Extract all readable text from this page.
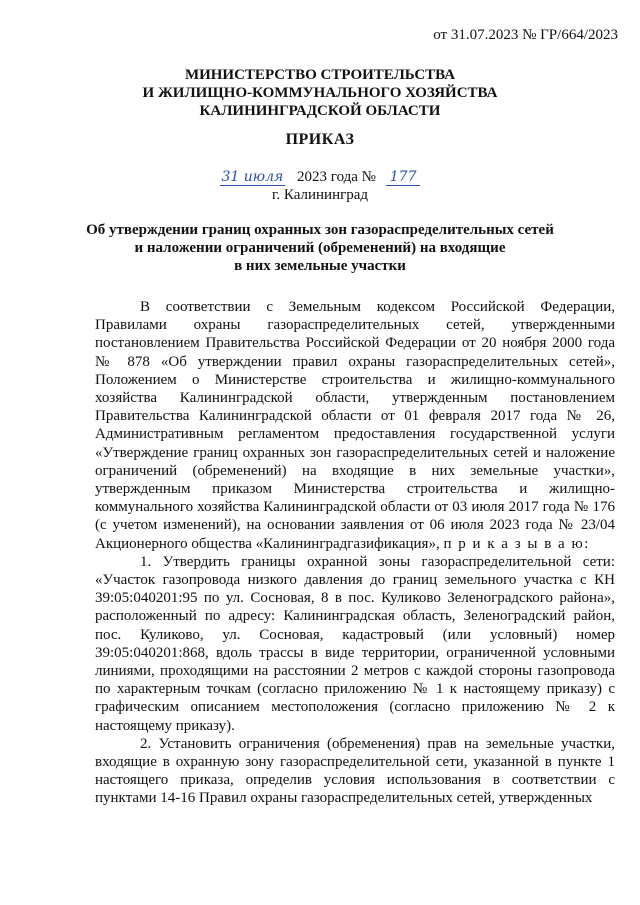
от 31.07.2023 № ГР/664/2023
МИНИСТЕРСТВО СТРОИТЕЛЬСТВА
И ЖИЛИЩНО-КОММУНАЛЬНОГО ХОЗЯЙСТВА
КАЛИНИНГРАДСКОЙ ОБЛАСТИ
ПРИКАЗ
31 июля 2023 года № 177
г. Калининград
Об утверждении границ охранных зон газораспределительных сетей
и наложении ограничений (обременений) на входящие
в них земельные участки

В соответствии с Земельным кодексом Российской Федерации, Правилами охраны газораспределительных сетей, утвержденными постановлением Правительства Российской Федерации от 20 ноября 2000 года № 878 «Об утверждении правил охраны газораспределительных сетей», Положением о Министерстве строительства и жилищно-коммунального хозяйства Калининградской области, утвержденным постановлением Правительства Калининградской области от 01 февраля 2017 года № 26, Административным регламентом предоставления государственной услуги «Утверждение границ охранных зон газораспределительных сетей и наложение ограничений (обременений) на входящие в них земельные участки», утвержденным приказом Министерства строительства и жилищно-коммунального хозяйства Калининградской области от 03 июля 2017 года № 176 (с учетом изменений), на основании заявления от 06 июля 2023 года № 23/04 Акционерного общества «Калининградгазификация», п р и к а з ы в а ю:

1. Утвердить границы охранной зоны газораспределительной сети: «Участок газопровода низкого давления до границ земельного участка с КН 39:05:040201:95 по ул. Сосновая, 8 в пос. Куликово Зеленоградского района», расположенный по адресу: Калининградская область, Зеленоградский район, пос. Куликово, ул. Сосновая, кадастровый (или условный) номер 39:05:040201:868, вдоль трассы в виде территории, ограниченной условными линиями, проходящими на расстоянии 2 метров с каждой стороны газопровода по характерным точкам (согласно приложению № 1 к настоящему приказу) с графическим описанием местоположения (согласно приложению № 2 к настоящему приказу).

2. Установить ограничения (обременения) прав на земельные участки, входящие в охранную зону газораспределительной сети, указанной в пункте 1 настоящего приказа, определив условия использования в соответствии с пунктами 14-16 Правил охраны газораспределительных сетей, утвержденных
